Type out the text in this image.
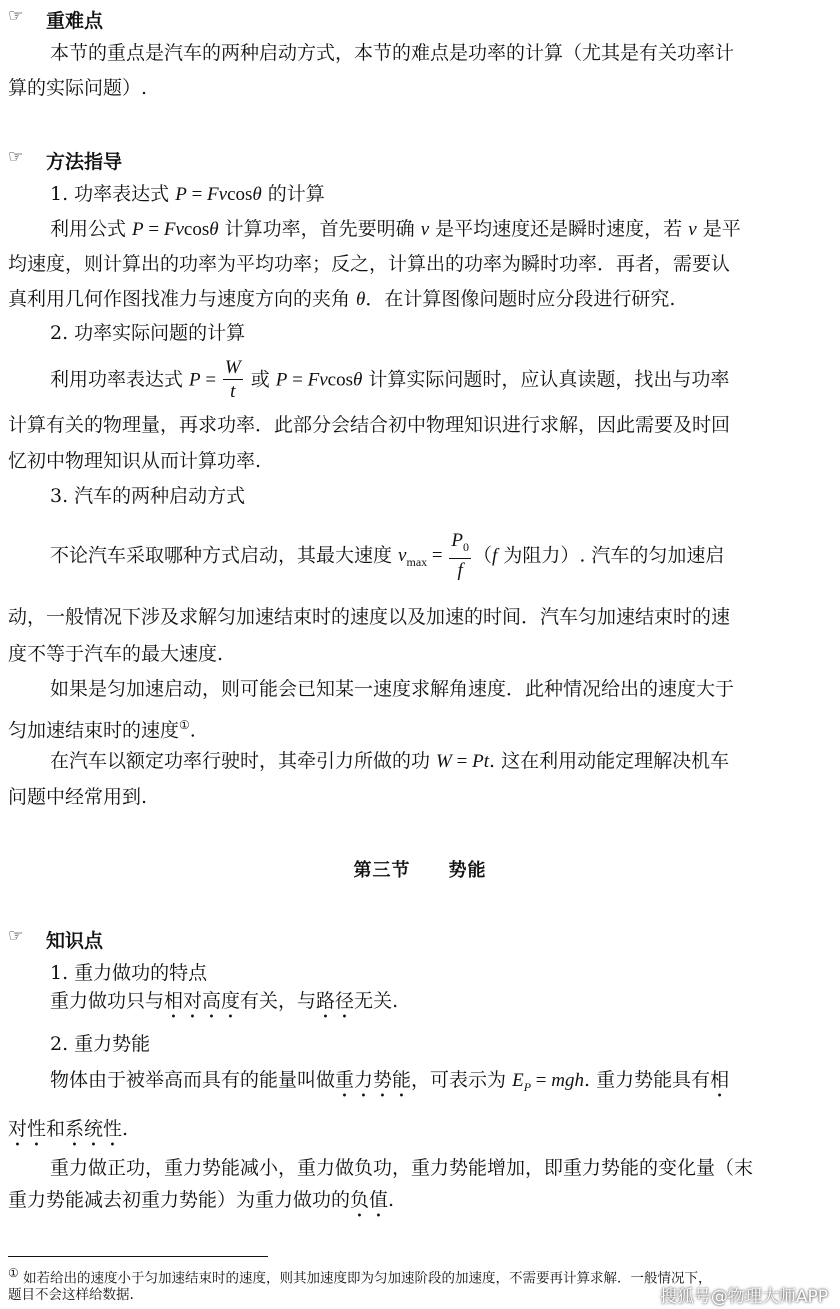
☞ 重难点
本节的重点是汽车的两种启动方式，本节的难点是功率的计算（尤其是有关功率计
算的实际问题）.
☞ 方法指导
1. 功率表达式 P = Fvcosθ 的计算
利用公式 P = Fvcosθ 计算功率，首先要明确 v 是平均速度还是瞬时速度，若 v 是平
均速度，则计算出的功率为平均功率；反之，计算出的功率为瞬时功率．再者，需要认
真利用几何作图找准力与速度方向的夹角 θ．在计算图像问题时应分段进行研究.
2. 功率实际问题的计算
利用功率表达式 $P = \frac{W}{t}$ 或 P = Fvcosθ 计算实际问题时，应认真读题，找出与功率
计算有关的物理量，再求功率．此部分会结合初中物理知识进行求解，因此需要及时回
忆初中物理知识从而计算功率.
3. 汽车的两种启动方式
不论汽车采取哪种方式启动，其最大速度 $v_{max} = \frac{P_0}{f} (f$ 为阻力）. 汽车的匀加速启
动，一般情况下涉及求解匀加速结束时的速度以及加速的时间．汽车匀加速结束时的速
度不等于汽车的最大速度.
如果是匀加速启动，则可能会已知某一速度求解角速度．此种情况给出的速度大于
匀加速结束时的速度①.
在汽车以额定功率行驶时，其牵引力所做的功 W = Pt. 这在利用动能定理解决机车
问题中经常用到.
第三节　　势能
☞ 知识点
1. 重力做功的特点
重力做功只与相对高度有关，与路径无关.
2. 重力势能
物体由于被举高而具有的能量叫做重力势能，可表示为 $E_P$ = mgh. 重力势能具有相
对性和系统性.
重力做正功，重力势能减小，重力做负功，重力势能增加，即重力势能的变化量（末
重力势能减去初重力势能）为重力做功的负值.
① 如若给出的速度小于匀加速结束时的速度，则其加速度即为匀加速阶段的加速度，不需要再计算求解．一般情况下，
题目不会这样给数据.	搜狐号@物理大师APP
